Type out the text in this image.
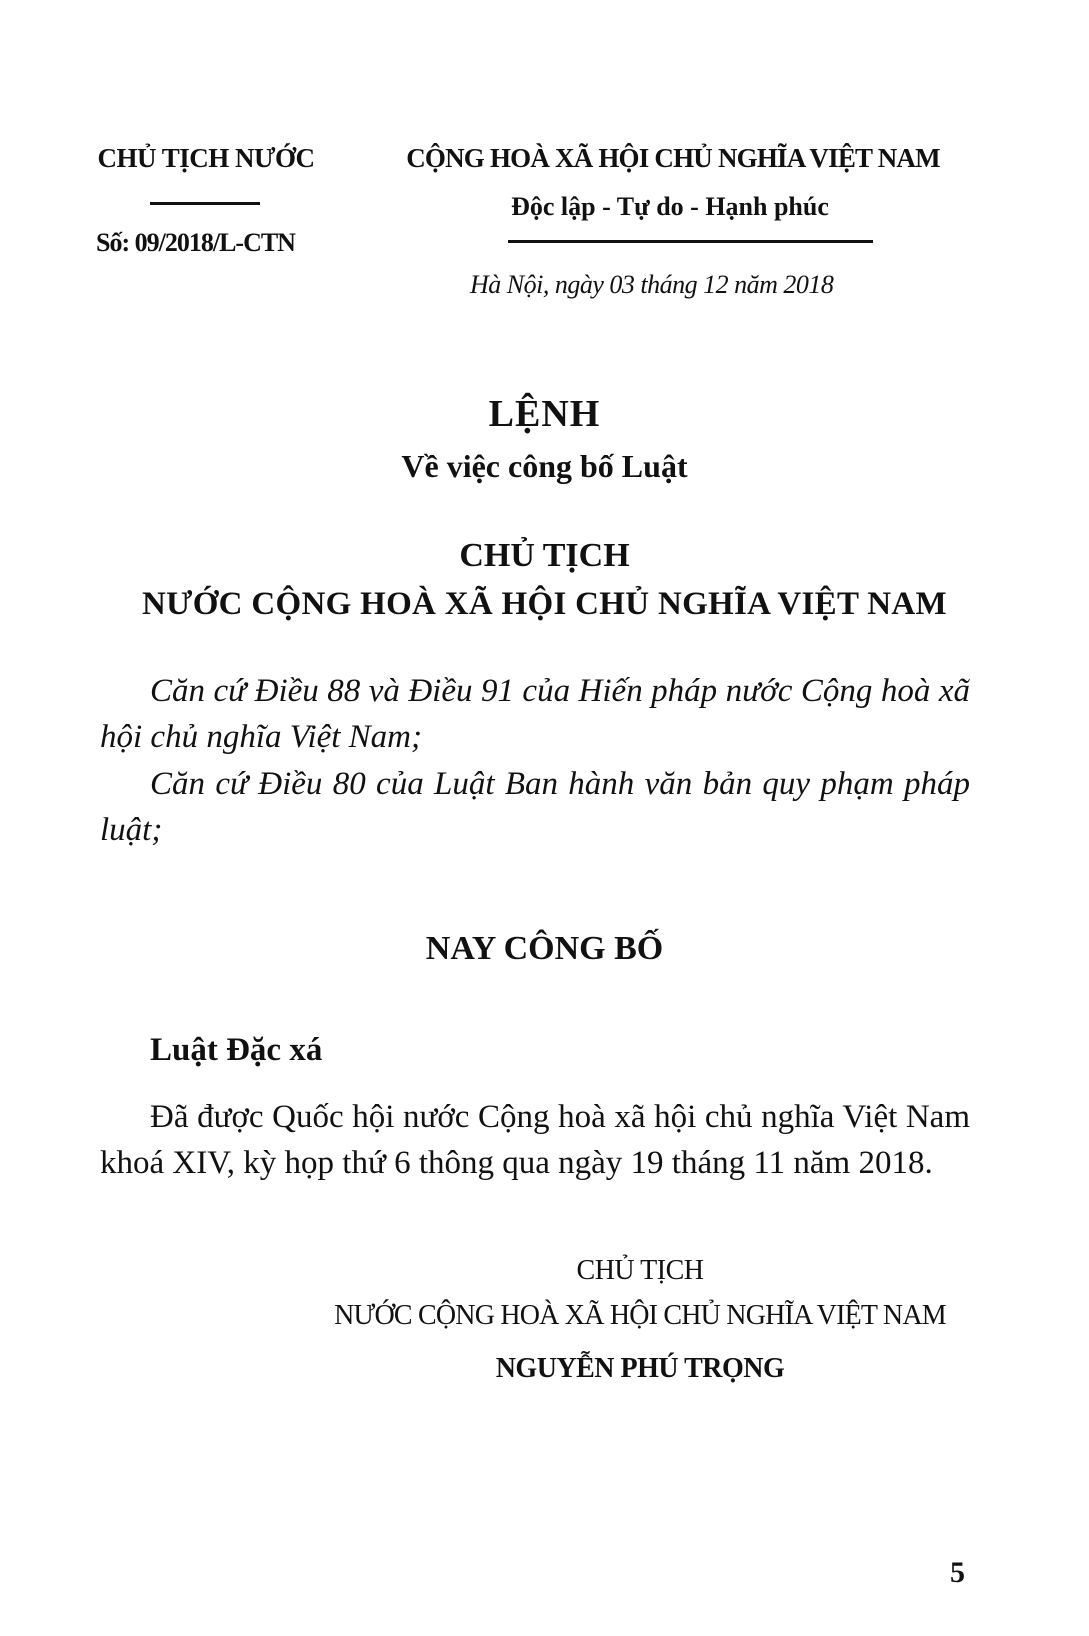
CHỦ TỊCH NƯỚC
Số: 09/2018/L-CTN
CỘNG HOÀ XÃ HỘI CHỦ NGHĨA VIỆT NAM
Độc lập - Tự do - Hạnh phúc
Hà Nội, ngày 03 tháng 12 năm 2018
LỆNH
Về việc công bố Luật
CHỦ TỊCH
NƯỚC CỘNG HOÀ XÃ HỘI CHỦ NGHĨA VIỆT NAM
Căn cứ Điều 88 và Điều 91 của Hiến pháp nước Cộng hoà xã hội chủ nghĩa Việt Nam;
Căn cứ Điều 80 của Luật Ban hành văn bản quy phạm pháp luật;
NAY CÔNG BỐ
Luật Đặc xá
Đã được Quốc hội nước Cộng hoà xã hội chủ nghĩa Việt Nam khoá XIV, kỳ họp thứ 6 thông qua ngày 19 tháng 11 năm 2018.
CHỦ TỊCH
NƯỚC CỘNG HOÀ XÃ HỘI CHỦ NGHĨA VIỆT NAM
NGUYỄN PHÚ TRỌNG
5
